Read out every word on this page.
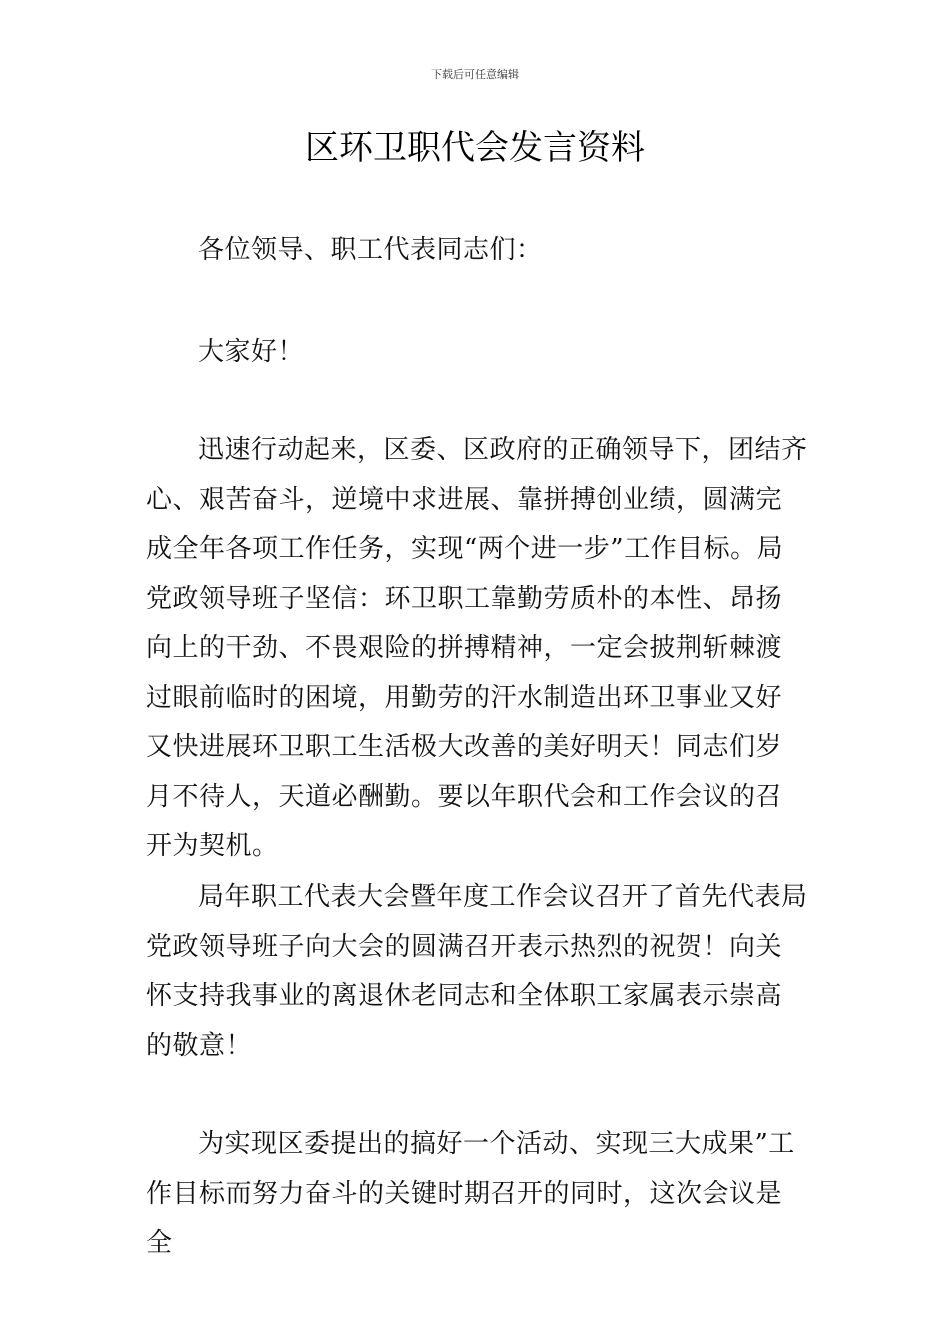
下载后可任意编辑
区环卫职代会发言资料

各位领导、职工代表同志们：

大家好！

迅速行动起来，区委、区政府的正确领导下，团结齐心、艰苦奋斗，逆境中求进展、靠拼搏创业绩，圆满完成全年各项工作任务，实现“两个进一步”工作目标。局党政领导班子坚信：环卫职工靠勤劳质朴的本性、昂扬向上的干劲、不畏艰险的拼搏精神，一定会披荆斩棘渡过眼前临时的困境，用勤劳的汗水制造出环卫事业又好又快进展环卫职工生活极大改善的美好明天！同志们岁月不待人，天道必酬勤。要以年职代会和工作会议的召开为契机。

局年职工代表大会暨年度工作会议召开了首先代表局党政领导班子向大会的圆满召开表示热烈的祝贺！向关怀支持我事业的离退休老同志和全体职工家属表示崇高的敬意！

为实现区委提出的搞好一个活动、实现三大成果”工作目标而努力奋斗的关键时期召开的同时，这次会议是全
